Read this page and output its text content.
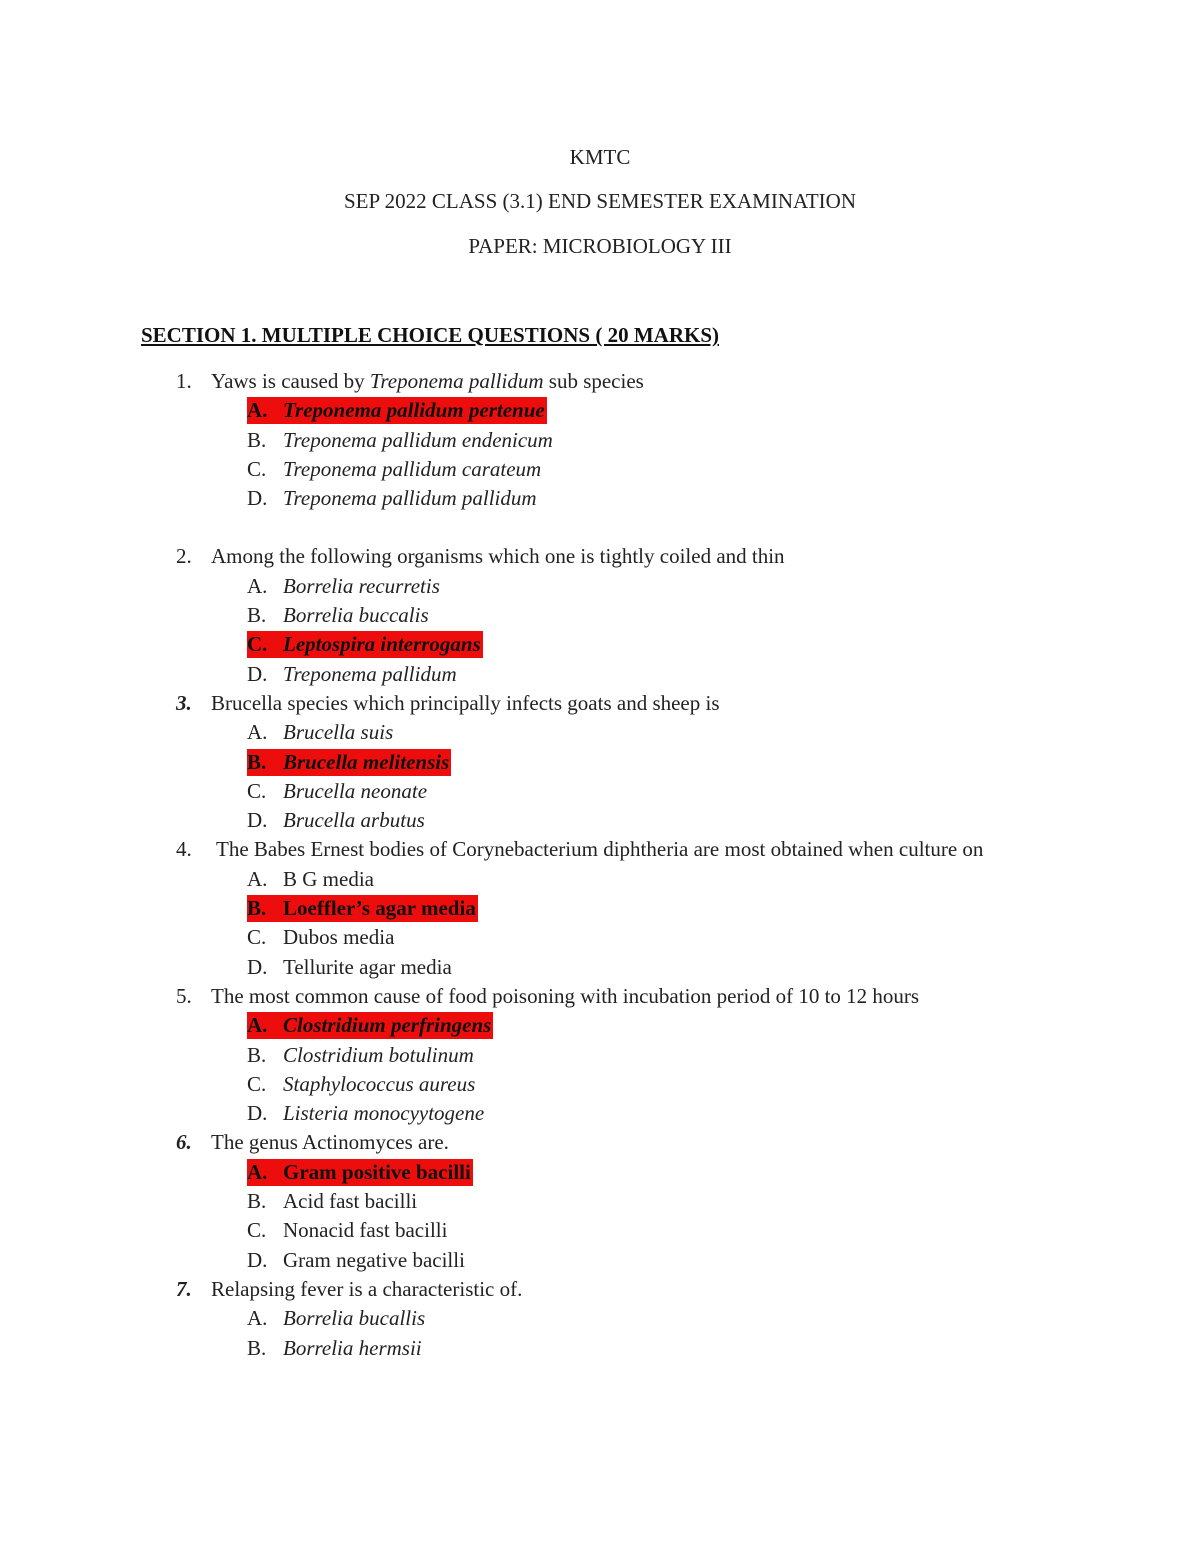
KMTC
SEP 2022 CLASS (3.1) END SEMESTER EXAMINATION
PAPER: MICROBIOLOGY III
SECTION 1. MULTIPLE CHOICE QUESTIONS ( 20 MARKS)
1. Yaws is caused by Treponema pallidum sub species
A. Treponema pallidum pertenue
B. Treponema pallidum endenicum
C. Treponema pallidum carateum
D. Treponema pallidum pallidum
2. Among the following organisms which one is tightly coiled and thin
A. Borrelia recurretis
B. Borrelia buccalis
C. Leptospira interrogans
D. Treponema pallidum
3. Brucella species which principally infects goats and sheep is
A. Brucella suis
B. Brucella melitensis
C. Brucella neonate
D. Brucella arbutus
4. The Babes Ernest bodies of Corynebacterium diphtheria are most obtained when culture on
A. B G media
B. Loeffler’s agar media
C. Dubos media
D. Tellurite agar media
5. The most common cause of food poisoning with incubation period of 10 to 12 hours
A. Clostridium perfringens
B. Clostridium botulinum
C. Staphylococcus aureus
D. Listeria monocyytogene
6. The genus Actinomyces are.
A. Gram positive bacilli
B. Acid fast bacilli
C. Nonacid fast bacilli
D. Gram negative bacilli
7. Relapsing fever is a characteristic of.
A. Borrelia bucallis
B. Borrelia hermsii
